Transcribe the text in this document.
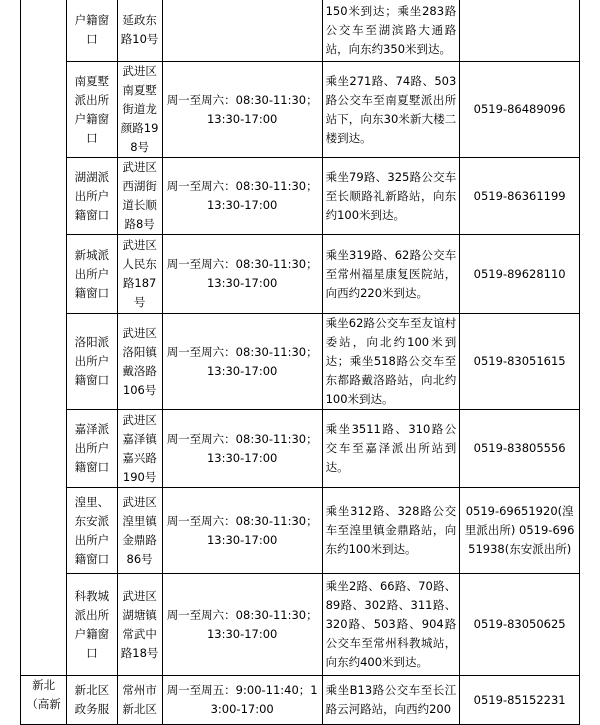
	户籍窗口	延政东路10号		150米到达；乘坐283路公交车至湖滨路大通路站，向东约350米到达。	

	南夏墅派出所户籍窗口	武进区南夏墅街道龙颜路198号	周一至周六：08:30-11:30；13:30-17:00	乘坐271路、74路、503路公交车至南夏墅派出所站下，向东30米新大楼二楼到达。	0519-86489096

	湖湖派出所户籍窗口	武进区西湖街道长顺路8号	周一至周六：08:30-11:30；13:30-17:00	乘坐79路、325路公交车至长顺路礼新路站，向东约100米到达。	0519-86361199

	新城派出所户籍窗口	武进区人民东路187号	周一至周六：08:30-11:30；13:30-17:00	乘坐319路、62路公交车至常州福星康复医院站，向西约220米到达。	0519-89628110

	洛阳派出所户籍窗口	武进区洛阳镇戴洛路106号	周一至周六：08:30-11:30；13:30-17:00	乘坐62路公交车至友谊村委站，向北约100米到达；乘坐518路公交车至东都路戴洛路站，向北约100米到达。	0519-83051615

	嘉泽派出所户籍窗口	武进区嘉泽镇嘉兴路190号	周一至周六：08:30-11:30；13:30-17:00	乘坐3511路、310路公交车至嘉泽派出所站到达。	0519-83805556

	湟里、东安派出所户籍窗口	武进区湟里镇金鼎路86号	周一至周六：08:30-11:30；13:30-17:00	乘坐312路、328路公交车至湟里镇金鼎路站，向东约100米到达。	0519-69651920(湟里派出所) 0519-69651938(东安派出所)

	科教城派出所户籍窗口	武进区湖塘镇常武中路18号	周一至周六：08:30-11:30；13:30-17:00	乘坐2路、66路、70路、89路、302路、311路、320路、503路、904路公交车至常州科教城站，向东约400米到达。	0519-83050625

新北（高新	新北区政务服	常州市新北区	周一至周五：9:00-11:40；13:00-17:00	乘坐B13路公交车至长江路云河路站，向西约200	0519-85152231
